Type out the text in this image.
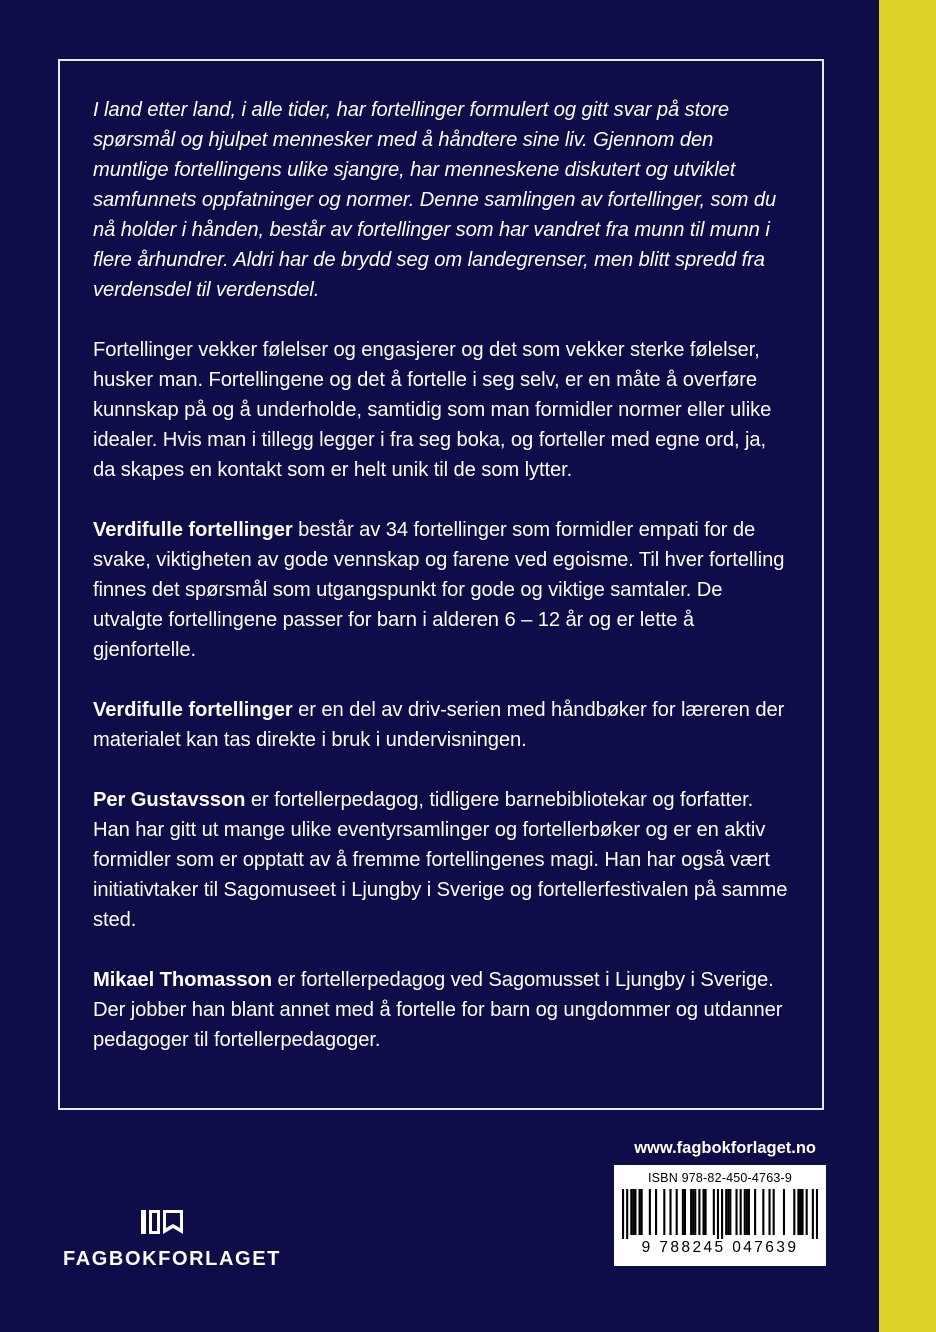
I land etter land, i alle tider, har fortellinger formulert og gitt svar på store spørsmål og hjulpet mennesker med å håndtere sine liv. Gjennom den muntlige fortellingens ulike sjangre, har menneskene diskutert og utviklet samfunnets oppfatninger og normer. Denne samlingen av fortellinger, som du nå holder i hånden, består av fortellinger som har vandret fra munn til munn i flere århundrer. Aldri har de brydd seg om landegrenser, men blitt spredd fra verdensdel til verdensdel.

Fortellinger vekker følelser og engasjerer og det som vekker sterke følelser, husker man. Fortellingene og det å fortelle i seg selv, er en måte å overføre kunnskap på og å underholde, samtidig som man formidler normer eller ulike idealer. Hvis man i tillegg legger i fra seg boka, og forteller med egne ord, ja, da skapes en kontakt som er helt unik til de som lytter.

Verdifulle fortellinger består av 34 fortellinger som formidler empati for de svake, viktigheten av gode vennskap og farene ved egoisme. Til hver fortelling finnes det spørsmål som utgangspunkt for gode og viktige samtaler. De utvalgte fortellingene passer for barn i alderen 6 – 12 år og er lette å gjenfortelle.

Verdifulle fortellinger er en del av driv-serien med håndbøker for læreren der materialet kan tas direkte i bruk i undervisningen.

Per Gustavsson er fortellerpedagog, tidligere barnebibliotekar og forfatter. Han har gitt ut mange ulike eventyrsamlinger og fortellerbøker og er en aktiv formidler som er opptatt av å fremme fortellingenes magi. Han har også vært initiativtaker til Sagomuseet i Ljungby i Sverige og fortellerfestivalen på samme sted.

Mikael Thomasson er fortellerpedagog ved Sagomusset i Ljungby i Sverige. Der jobber han blant annet med å fortelle for barn og ungdommer og utdanner pedagoger til fortellerpedagoger.

www.fagbokforlaget.no
ISBN 978-82-450-4763-9
9 788245 047639
FAGBOKFORLAGET
